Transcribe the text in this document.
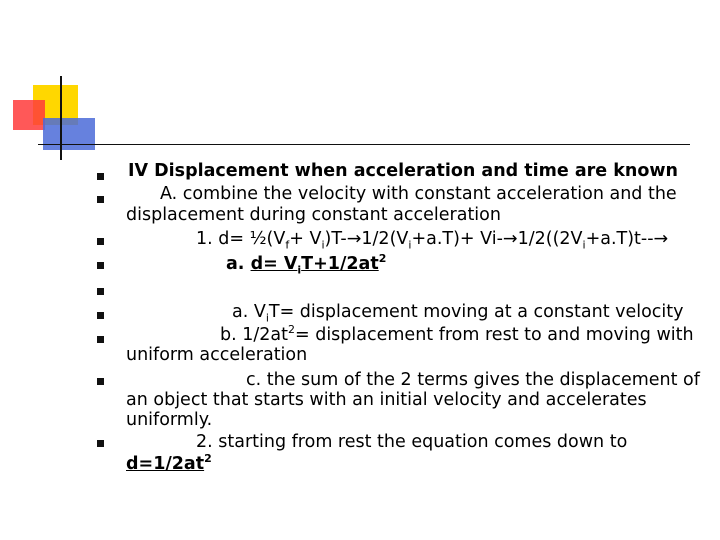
IV Displacement when acceleration and time are known
A. combine the velocity with constant acceleration and the
displacement during constant acceleration
1. $d= \frac{1}{2}(V_f+ V_i)T-\to 1/2(V_i+a.T)+ Vi-\to 1/2((2V_i+a.T)t--\to$
a. $d= V_iT+1/2at^2$
a. $V_iT=$ displacement moving at a constant velocity
b. $1/2at^2=$ displacement from rest to and moving with
uniform acceleration
c. the sum of the 2 terms gives the displacement of
an object that starts with an initial velocity and accelerates
uniformly.
2. starting from rest the equation comes down to
$d=1/2at^2$
